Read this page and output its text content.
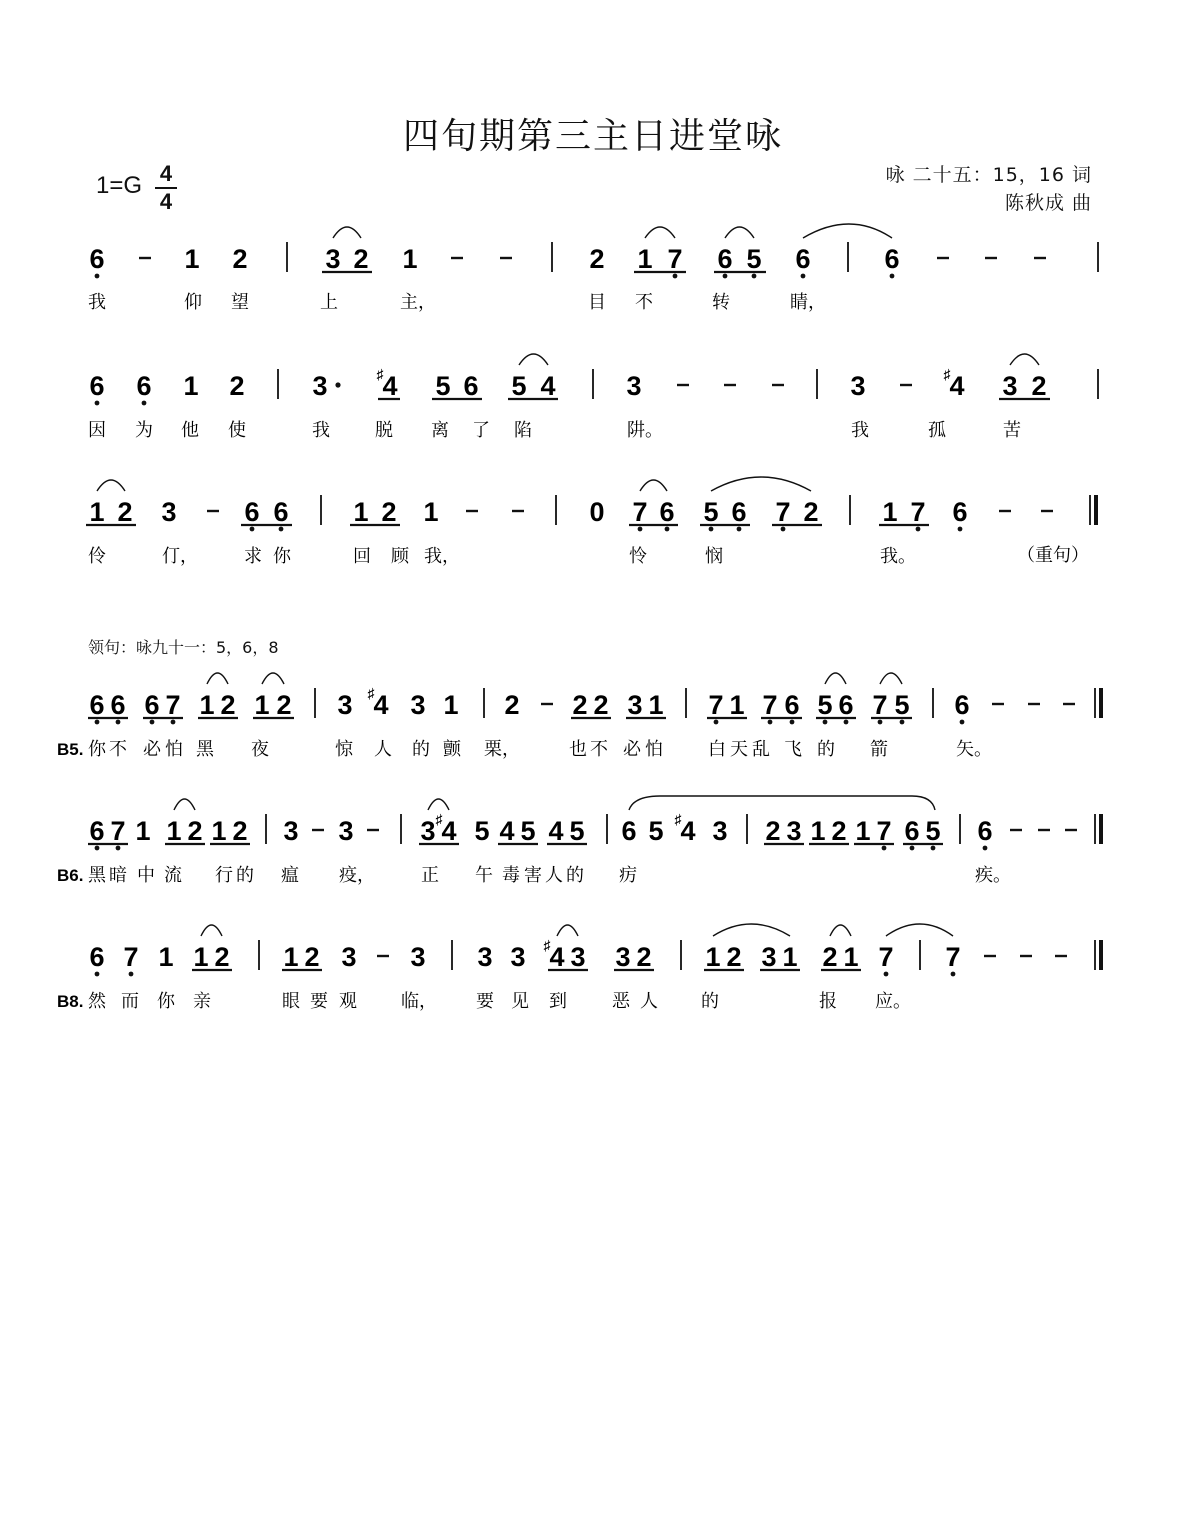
四旬期第三主日进堂咏
1=G 4
4
咏 二十五：15，16 词
陈秋成 曲
领句：咏九十一：5，6，8
6	1 2	3 2 1	2 1 7 6 5 6	6
6 6 1 2	3	♯
4 5 6 5 4	3	3	♯
4 3 2
1 2 3	6 6 1 2 1	0 7 6 5 6 7 2 1 7 6
6 6 6 7 1 2 1 2 3 ♯
4 3 1 2 2 2 3 1 7 1 7 6 5 6 7 5 6
6 7 1 1 2 1 2 3 3 3 ♯
4 5 4 5 4 5 6 5 ♯
4 3 2 3 1 2 1 7 6 5 6
6 7 1 1 2 1 2 3 3 3 3 ♯
4 3 3 2 1 2 3 1 2 1 7 7
我	仰 望	上	主，	目 不	转	睛，
因 为 他 使	我	脱 离 了 陷	阱。	我	孤	苦
伶	仃，	求 你	回 顾 我，	怜	悯	我。
你 不 必 怕 黑 夜	惊 人 的 颤 栗，	也 不 必 怕	白 天 乱 飞 的 箭	矢。
黑 暗 中 流 行 的 瘟 疫，	正 午 毒 害 人 的 疠	疾。
然 而 你 亲	眼 要 观 临， 要 见 到	恶 人 的	报 应。
B5.
B6.
B8.
（重句）
